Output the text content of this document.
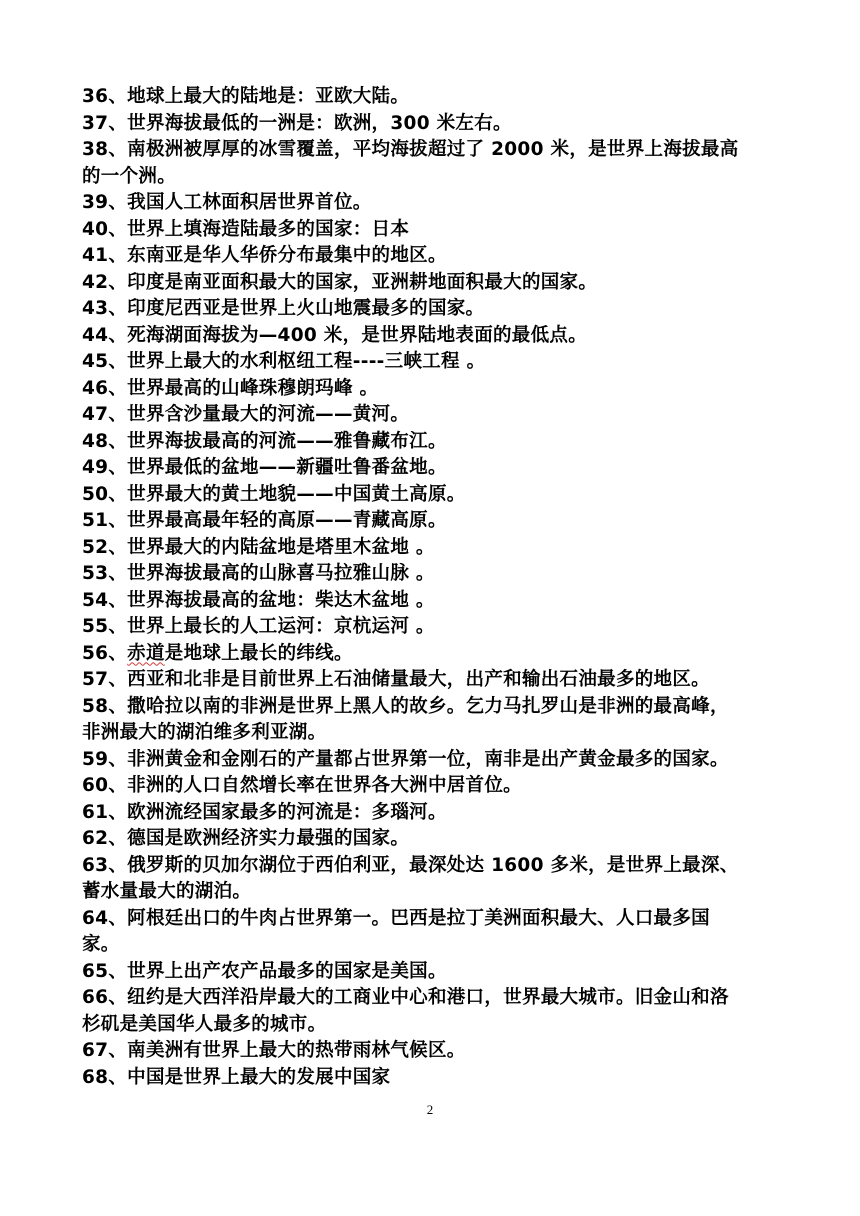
36、地球上最大的陆地是：亚欧大陆。
37、世界海拔最低的一洲是：欧洲，300 米左右。
38、南极洲被厚厚的冰雪覆盖，平均海拔超过了 2000 米，是世界上海拔最高
的一个洲。
39、我国人工林面积居世界首位。
40、世界上填海造陆最多的国家：日本
41、东南亚是华人华侨分布最集中的地区。
42、印度是南亚面积最大的国家，亚洲耕地面积最大的国家。
43、印度尼西亚是世界上火山地震最多的国家。
44、死海湖面海拔为—400 米，是世界陆地表面的最低点。
45、世界上最大的水利枢纽工程----三峡工程 。
46、世界最高的山峰珠穆朗玛峰 。
47、世界含沙量最大的河流——黄河。
48、世界海拔最高的河流——雅鲁藏布江。
49、世界最低的盆地——新疆吐鲁番盆地。
50、世界最大的黄土地貌——中国黄土高原。
51、世界最高最年轻的高原——青藏高原。
52、世界最大的内陆盆地是塔里木盆地 。
53、世界海拔最高的山脉喜马拉雅山脉 。
54、世界海拔最高的盆地：柴达木盆地 。
55、世界上最长的人工运河：京杭运河 。
56、赤道是地球上最长的纬线。
57、西亚和北非是目前世界上石油储量最大，出产和输出石油最多的地区。
58、撒哈拉以南的非洲是世界上黑人的故乡。乞力马扎罗山是非洲的最高峰，
非洲最大的湖泊维多利亚湖。
59、非洲黄金和金刚石的产量都占世界第一位，南非是出产黄金最多的国家。
60、非洲的人口自然增长率在世界各大洲中居首位。
61、欧洲流经国家最多的河流是：多瑙河。
62、德国是欧洲经济实力最强的国家。
63、俄罗斯的贝加尔湖位于西伯利亚，最深处达 1600 多米，是世界上最深、
蓄水量最大的湖泊。
64、阿根廷出口的牛肉占世界第一。巴西是拉丁美洲面积最大、人口最多国
家。
65、世界上出产农产品最多的国家是美国。
66、纽约是大西洋沿岸最大的工商业中心和港口，世界最大城市。旧金山和洛
杉矶是美国华人最多的城市。
67、南美洲有世界上最大的热带雨林气候区。
68、中国是世界上最大的发展中国家
2
